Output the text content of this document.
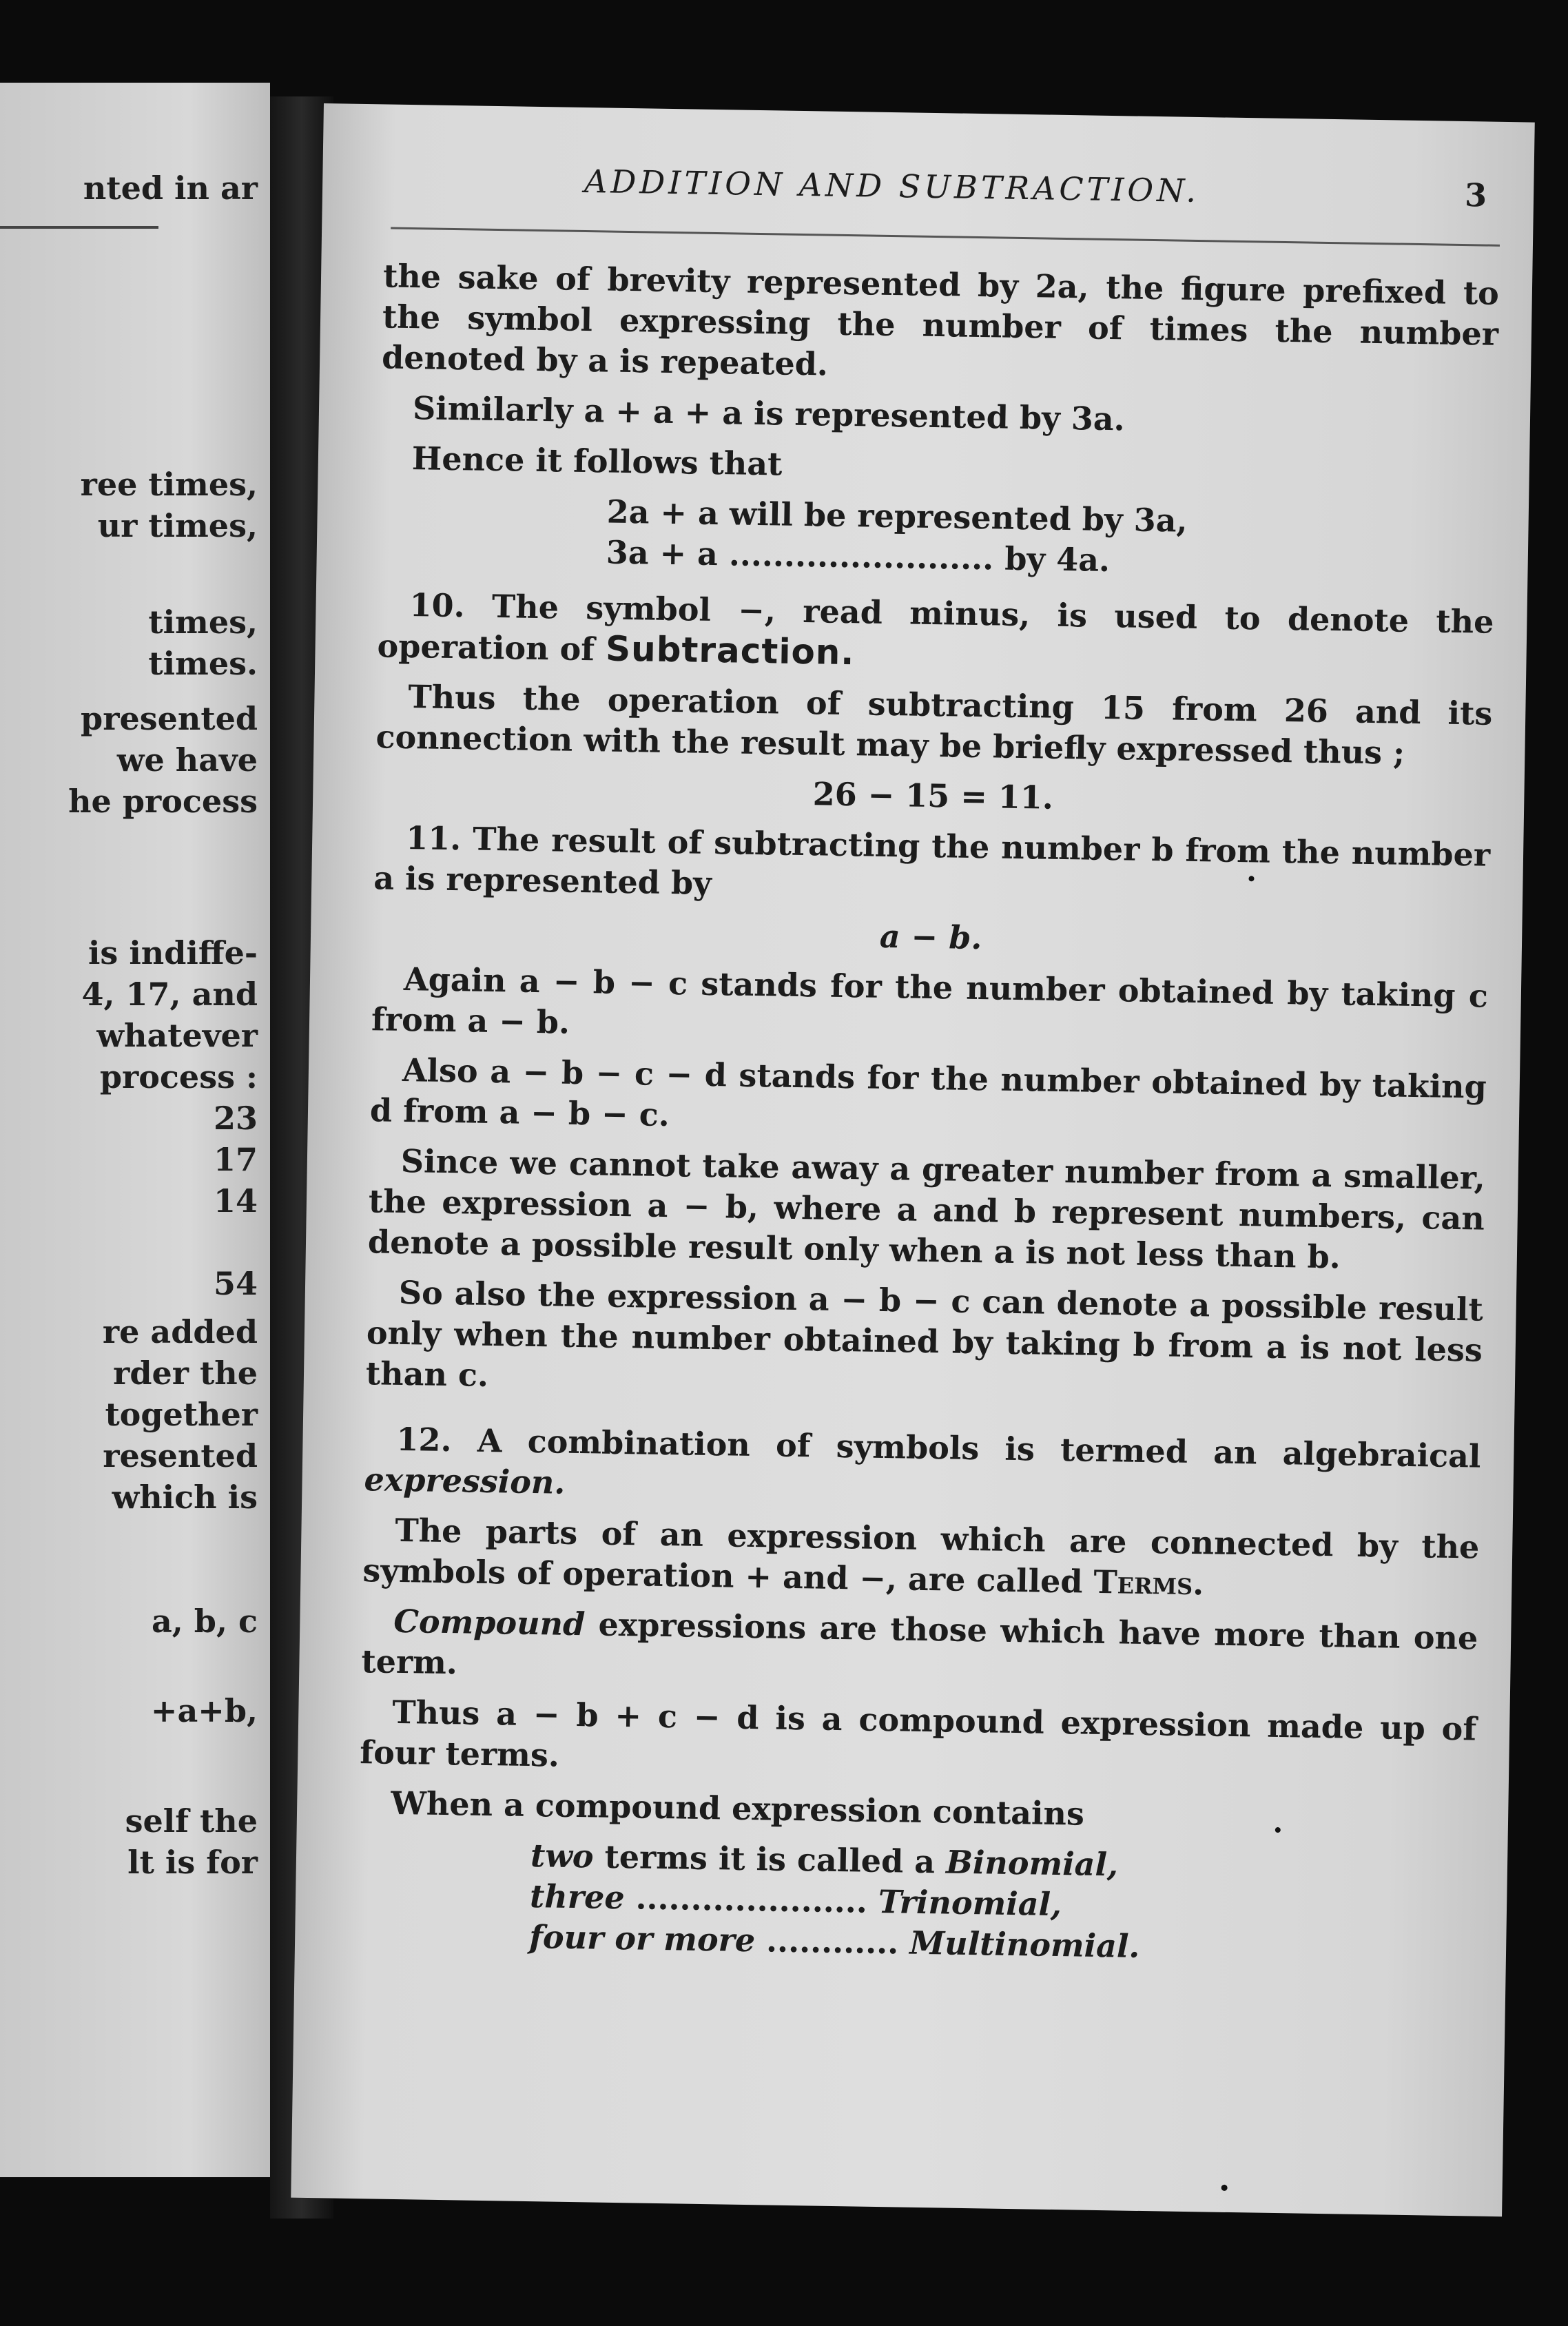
nted in ar
ree times,
ur times,
times,
times.
presented
we have
he process
is indiffe-
4, 17, and
whatever
process :
23
17
14
54
re added
rder the
together
resented
which is
a, b, c
+a+b,
self the
lt is for
ADDITION AND SUBTRACTION.	3

the sake of brevity represented by 2a, the figure prefixed to the symbol expressing the number of times the number denoted by a is repeated.

Similarly a + a + a is represented by 3a.

Hence it follows that

2a + a will be represented by 3a,

3a + a ........................ by 4a.

10. The symbol −, read minus, is used to denote the operation of Subtraction.

Thus the operation of subtracting 15 from 26 and its connection with the result may be briefly expressed thus ;

26 − 15 = 11.

11. The result of subtracting the number b from the number a is represented by

a − b.

Again a − b − c stands for the number obtained by taking c from a − b.

Also a − b − c − d stands for the number obtained by taking d from a − b − c.

Since we cannot take away a greater number from a smaller, the expression a − b, where a and b represent numbers, can denote a possible result only when a is not less than b.

So also the expression a − b − c can denote a possible result only when the number obtained by taking b from a is not less than c.

12. A combination of symbols is termed an algebraical expression.

The parts of an expression which are connected by the symbols of operation + and −, are called Terms.

Compound expressions are those which have more than one term.

Thus a − b + c − d is a compound expression made up of four terms.

When a compound expression contains

two terms it is called a Binomial,

three ..................... Trinomial,

four or more ............ Multinomial.
